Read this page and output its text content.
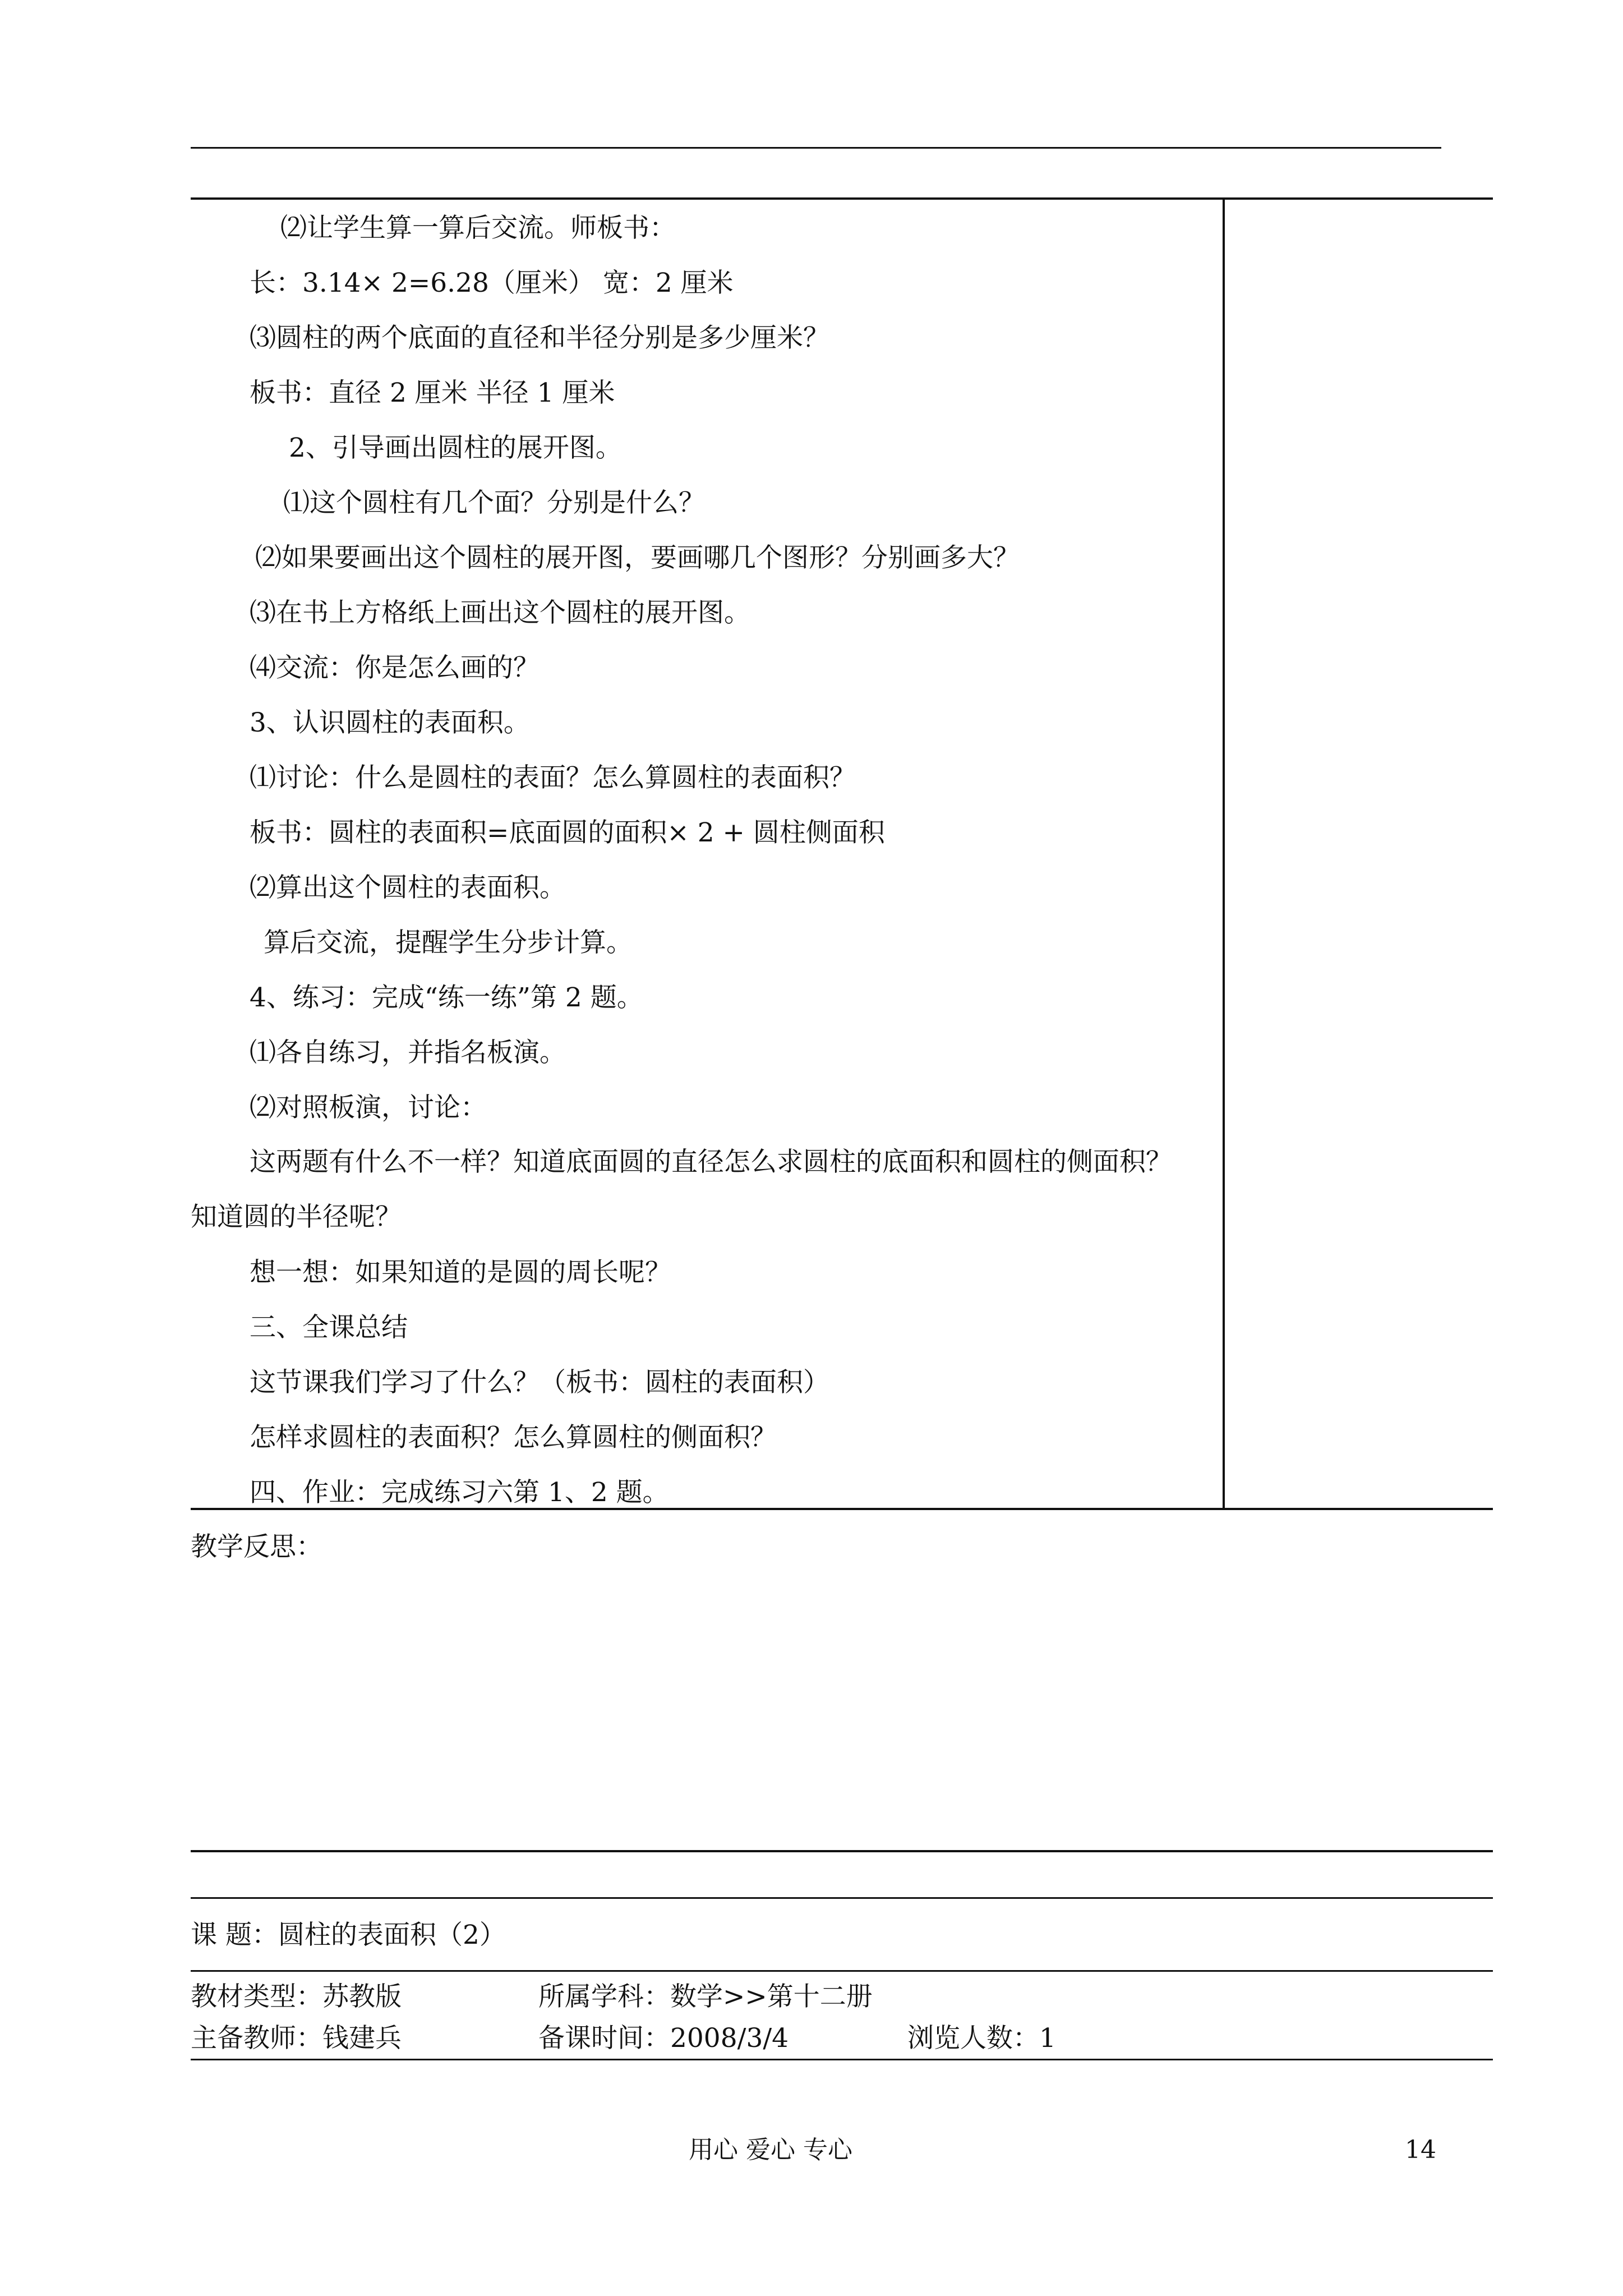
⑵让学生算一算后交流。师板书：

长：3.14× 2=6.28（厘米） 宽：2 厘米

⑶圆柱的两个底面的直径和半径分别是多少厘米？

板书：直径 2 厘米 半径 1 厘米

2、引导画出圆柱的展开图。

⑴这个圆柱有几个面？分别是什么？

⑵如果要画出这个圆柱的展开图，要画哪几个图形？分别画多大？

⑶在书上方格纸上画出这个圆柱的展开图。

⑷交流：你是怎么画的？

3、认识圆柱的表面积。

⑴讨论：什么是圆柱的表面？怎么算圆柱的表面积？

板书：圆柱的表面积=底面圆的面积× 2 + 圆柱侧面积

⑵算出这个圆柱的表面积。

算后交流，提醒学生分步计算。

4、练习：完成“练一练”第 2 题。

⑴各自练习，并指名板演。

⑵对照板演，讨论：

这两题有什么不一样？知道底面圆的直径怎么求圆柱的底面积和圆柱的侧面积？知道圆的半径呢？

想一想：如果知道的是圆的周长呢？

三、全课总结

这节课我们学习了什么？（板书：圆柱的表面积）

怎样求圆柱的表面积？怎么算圆柱的侧面积？

四、作业：完成练习六第 1、2 题。

教学反思：

课 题：圆柱的表面积（2）
教材类型：苏教版	所属学科：数学>>第十二册
主备教师：钱建兵	备课时间：2008/3/4	浏览人数：1
用心 爱心 专心	14
